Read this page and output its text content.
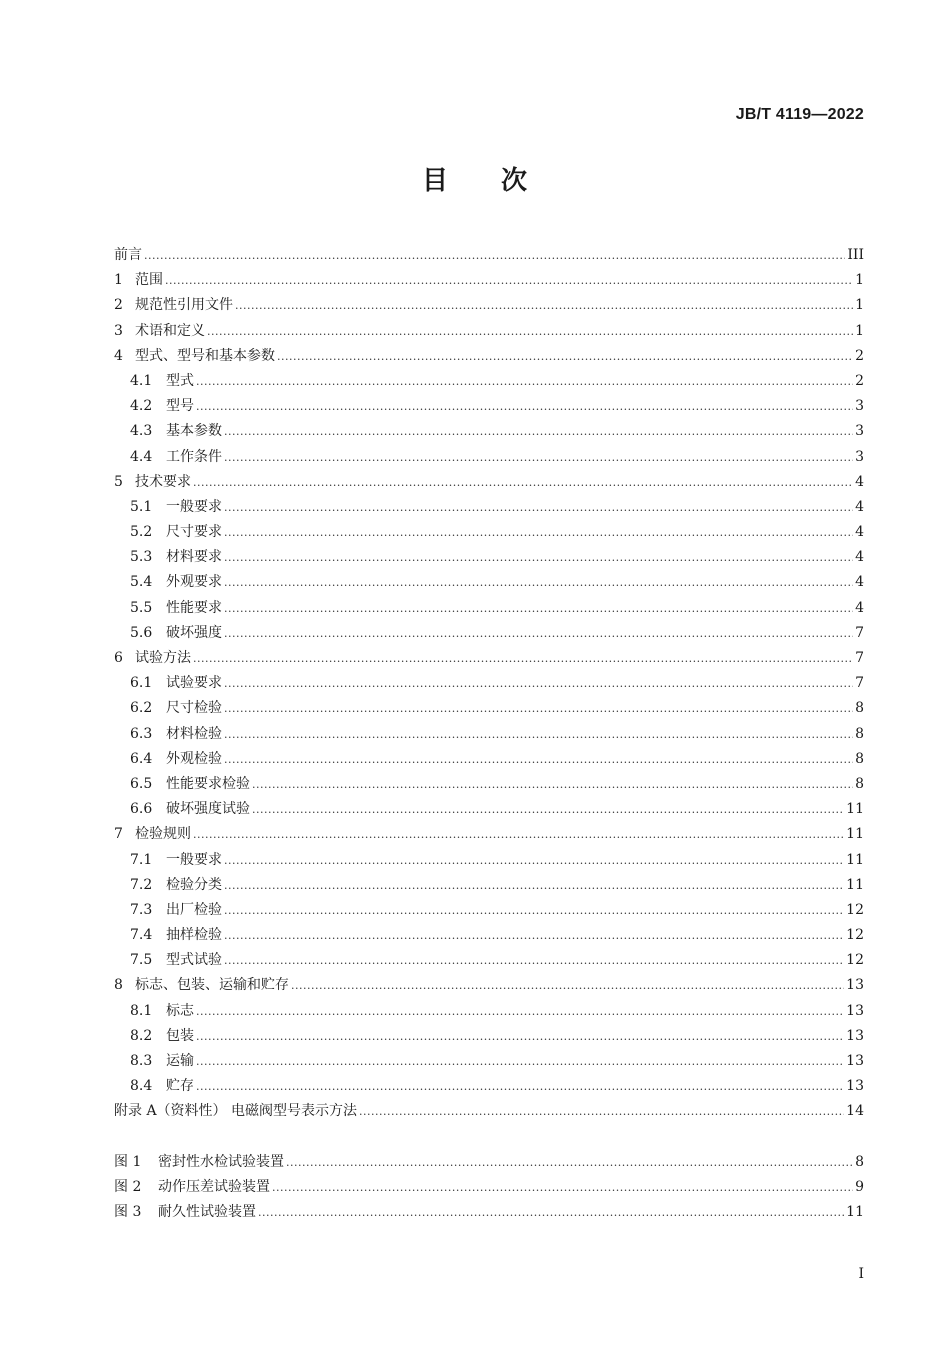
JB/T 4119—2022
目 次
前言 .....	III
1 范围 .....	1
2 规范性引用文件 .....	1
3 术语和定义 .....	1
4 型式、型号和基本参数 .....	2
4.1 型式 .....	2
4.2 型号 .....	3
4.3 基本参数 .....	3
4.4 工作条件 .....	3
5 技术要求 .....	4
5.1 一般要求 .....	4
5.2 尺寸要求 .....	4
5.3 材料要求 .....	4
5.4 外观要求 .....	4
5.5 性能要求 .....	4
5.6 破坏强度 .....	7
6 试验方法 .....	7
6.1 试验要求 .....	7
6.2 尺寸检验 .....	8
6.3 材料检验 .....	8
6.4 外观检验 .....	8
6.5 性能要求检验 .....	8
6.6 破坏强度试验 .....	11
7 检验规则 .....	11
7.1 一般要求 .....	11
7.2 检验分类 .....	11
7.3 出厂检验 .....	12
7.4 抽样检验 .....	12
7.5 型式试验 .....	12
8 标志、包装、运输和贮存 .....	13
8.1 标志 .....	13
8.2 包装 .....	13
8.3 运输 .....	13
8.4 贮存 .....	13
附录 A（资料性） 电磁阀型号表示方法 .....	14
图 1	密封性水检试验装置 .....	8
图 2	动作压差试验装置 .....	9
图 3	耐久性试验装置 .....	11
I
